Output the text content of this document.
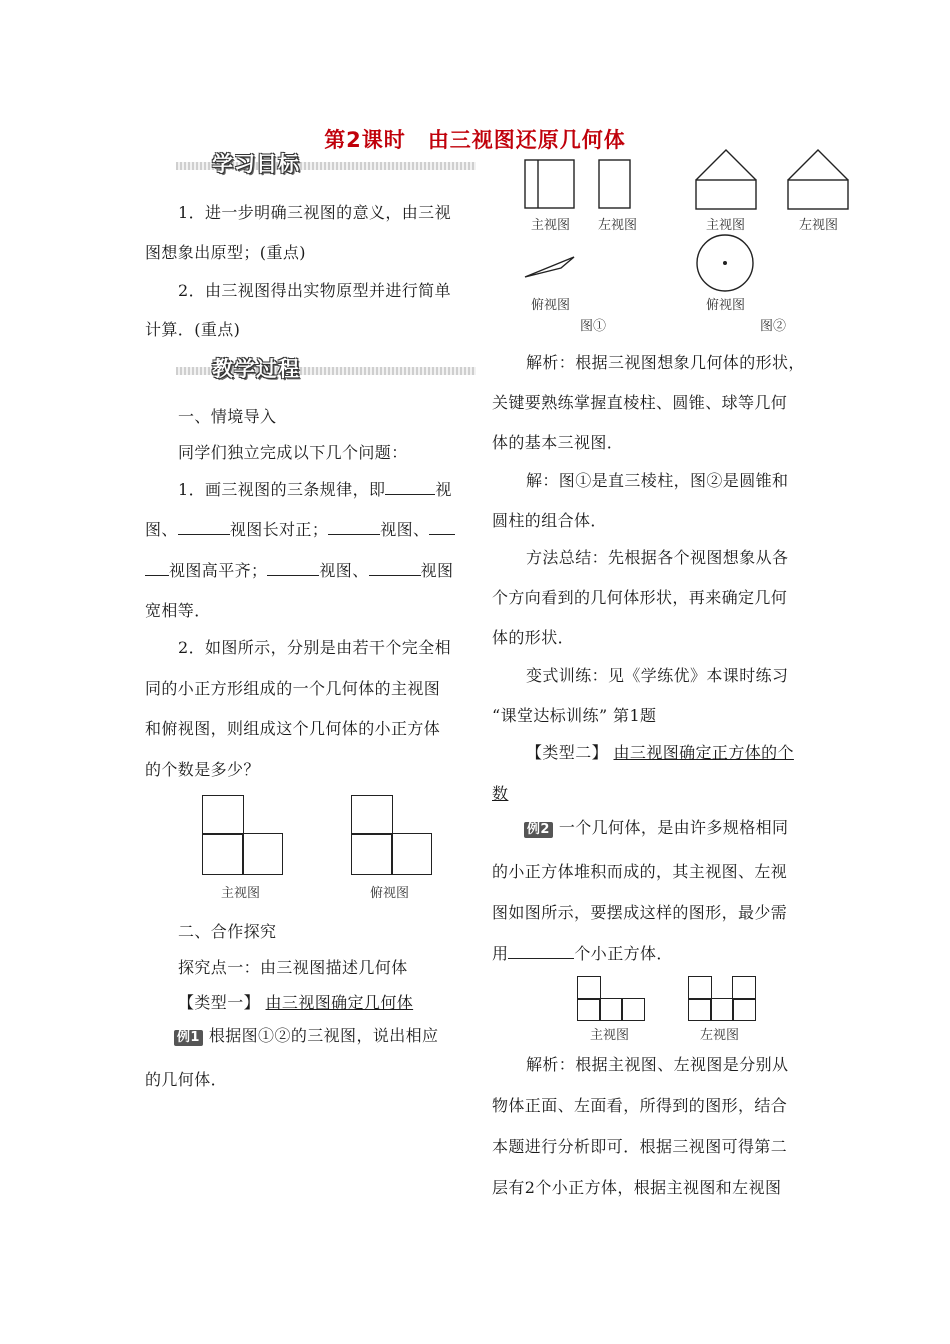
第2课时 由三视图还原几何体
学习目标
1．进一步明确三视图的意义，由三视
图想象出原型；(重点)
2．由三视图得出实物原型并进行简单
计算．(重点)
教学过程
一、情境导入
同学们独立完成以下几个问题：
1．画三视图的三条规律，即	视
图、	视图长对正；	视图、
视图高平齐；	视图、	视图
宽相等．
2．如图所示，分别是由若干个完全相
同的小正方形组成的一个几何体的主视图
和俯视图，则组成这个几何体的小正方体
的个数是多少？
主视图	俯视图
二、合作探究
探究点一：由三视图描述几何体
【类型一】 由三视图确定几何体
例1 根据图①②的三视图，说出相应
的几何体．
主视图 左视图
俯视图
图①
主视图	左视图
俯视图
图②
解析：根据三视图想象几何体的形状，
关键要熟练掌握直棱柱、圆锥、球等几何
体的基本三视图．
解：图①是直三棱柱，图②是圆锥和
圆柱的组合体．
方法总结：先根据各个视图想象从各
个方向看到的几何体形状，再来确定几何
体的形状．
变式训练：见《学练优》本课时练习
“课堂达标训练” 第1题
【类型二】 由三视图确定正方体的个
数
例2 一个几何体，是由许多规格相同
的小正方体堆积而成的，其主视图、左视
图如图所示，要摆成这样的图形，最少需
用	个小正方体．
主视图	左视图
解析：根据主视图、左视图是分别从
物体正面、左面看，所得到的图形，结合
本题进行分析即可．根据三视图可得第二
层有2个小正方体，根据主视图和左视图
